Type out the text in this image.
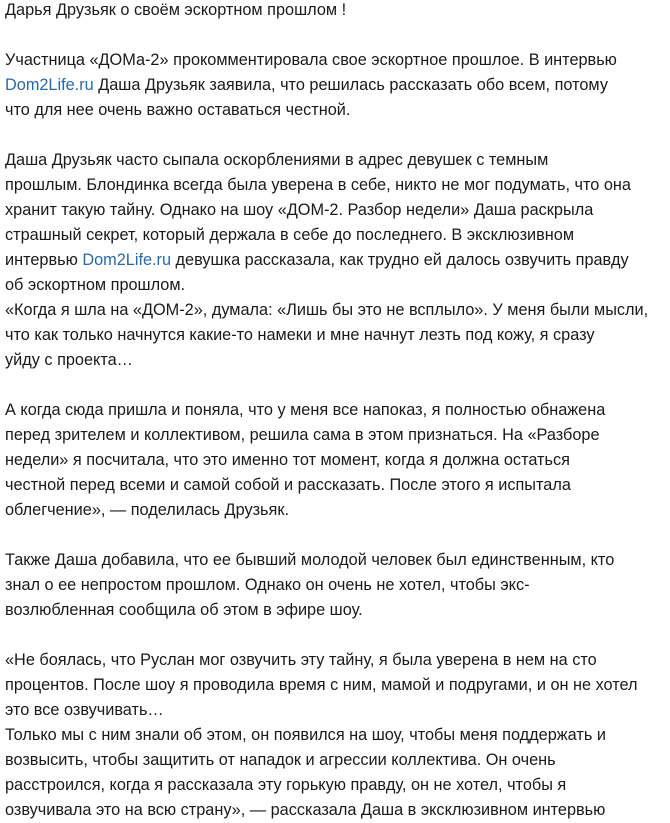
Дарья Друзьяк о своём эскортном прошлом !
Участница «ДОМа-2» прокомментировала свое эскортное прошлое. В интервью
Dom2Life.ru Даша Друзьяк заявила, что решилась рассказать обо всем, потому
что для нее очень важно оставаться честной.
Даша Друзьяк часто сыпала оскорблениями в адрес девушек с темным
прошлым. Блондинка всегда была уверена в себе, никто не мог подумать, что она
хранит такую тайну. Однако на шоу «ДОМ-2. Разбор недели» Даша раскрыла
страшный секрет, который держала в себе до последнего. В эксклюзивном
интервью Dom2Life.ru девушка рассказала, как трудно ей далось озвучить правду
об эскортном прошлом.
«Когда я шла на «ДОМ-2», думала: «Лишь бы это не всплыло». У меня были мысли,
что как только начнутся какие-то намеки и мне начнут лезть под кожу, я сразу
уйду с проекта…
А когда сюда пришла и поняла, что у меня все напоказ, я полностью обнажена
перед зрителем и коллективом, решила сама в этом признаться. На «Разборе
недели» я посчитала, что это именно тот момент, когда я должна остаться
честной перед всеми и самой собой и рассказать. После этого я испытала
облегчение», — поделилась Друзьяк.
Также Даша добавила, что ее бывший молодой человек был единственным, кто
знал о ее непростом прошлом. Однако он очень не хотел, чтобы экс-
возлюбленная сообщила об этом в эфире шоу.
«Не боялась, что Руслан мог озвучить эту тайну, я была уверена в нем на сто
процентов. После шоу я проводила время с ним, мамой и подругами, и он не хотел
это все озвучивать…
Только мы с ним знали об этом, он появился на шоу, чтобы меня поддержать и
возвысить, чтобы защитить от нападок и агрессии коллектива. Он очень
расстроился, когда я рассказала эту горькую правду, он не хотел, чтобы я
озвучивала это на всю страну», — рассказала Даша в эксклюзивном интервью
